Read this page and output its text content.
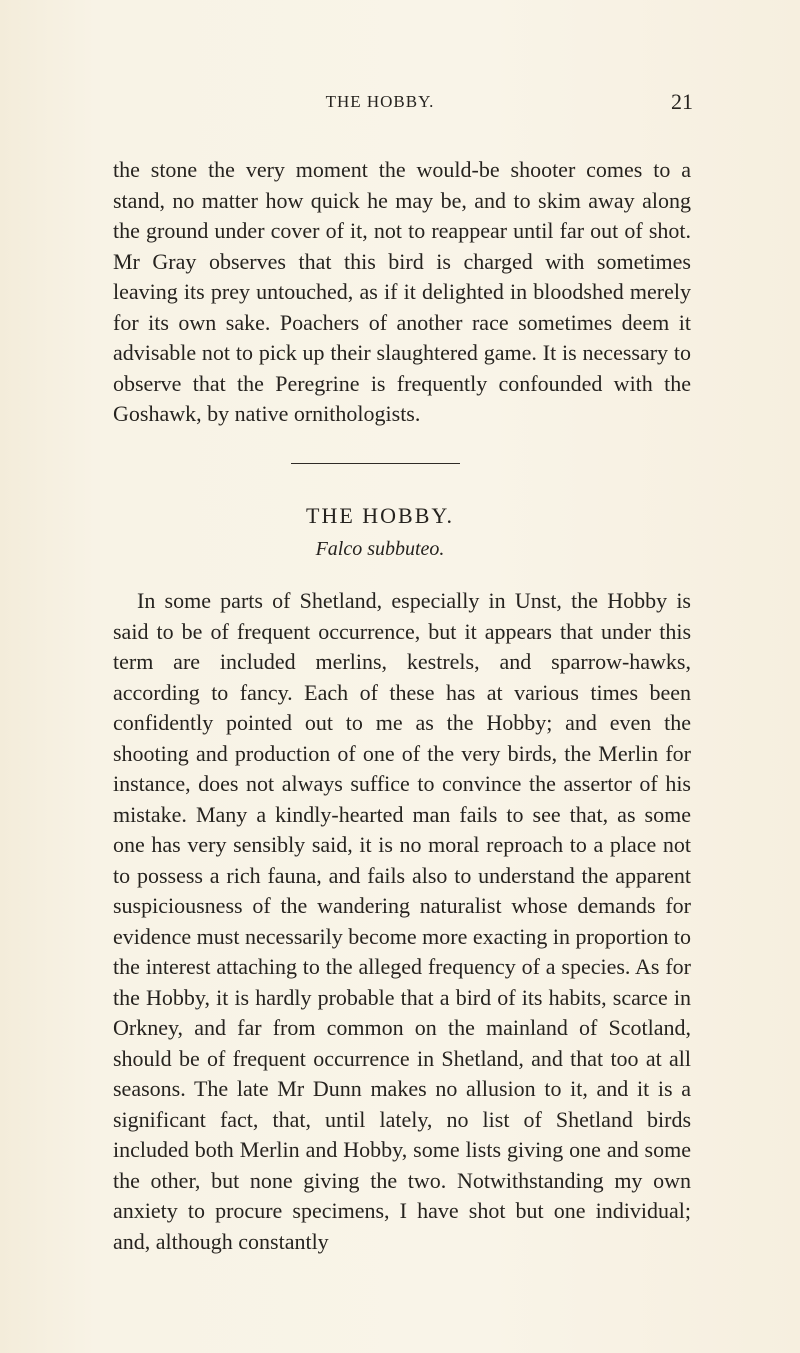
THE HOBBY.	21

the stone the very moment the would-be shooter comes to a stand, no matter how quick he may be, and to skim away along the ground under cover of it, not to reappear until far out of shot. Mr Gray observes that this bird is charged with sometimes leaving its prey untouched, as if it delighted in bloodshed merely for its own sake. Poachers of another race sometimes deem it advisable not to pick up their slaughtered game. It is necessary to observe that the Peregrine is frequently confounded with the Goshawk, by native ornithologists.

THE HOBBY.
Falco subbuteo.

In some parts of Shetland, especially in Unst, the Hobby is said to be of frequent occurrence, but it appears that under this term are included merlins, kestrels, and sparrow-hawks, according to fancy. Each of these has at various times been confidently pointed out to me as the Hobby; and even the shooting and production of one of the very birds, the Merlin for instance, does not always suffice to convince the assertor of his mistake. Many a kindly-hearted man fails to see that, as some one has very sensibly said, it is no moral reproach to a place not to possess a rich fauna, and fails also to understand the apparent suspiciousness of the wandering naturalist whose demands for evidence must necessarily become more exacting in proportion to the interest attaching to the alleged frequency of a species. As for the Hobby, it is hardly probable that a bird of its habits, scarce in Orkney, and far from common on the mainland of Scotland, should be of frequent occurrence in Shetland, and that too at all seasons. The late Mr Dunn makes no allusion to it, and it is a significant fact, that, until lately, no list of Shetland birds included both Merlin and Hobby, some lists giving one and some the other, but none giving the two. Notwithstanding my own anxiety to procure specimens, I have shot but one individual; and, although constantly
